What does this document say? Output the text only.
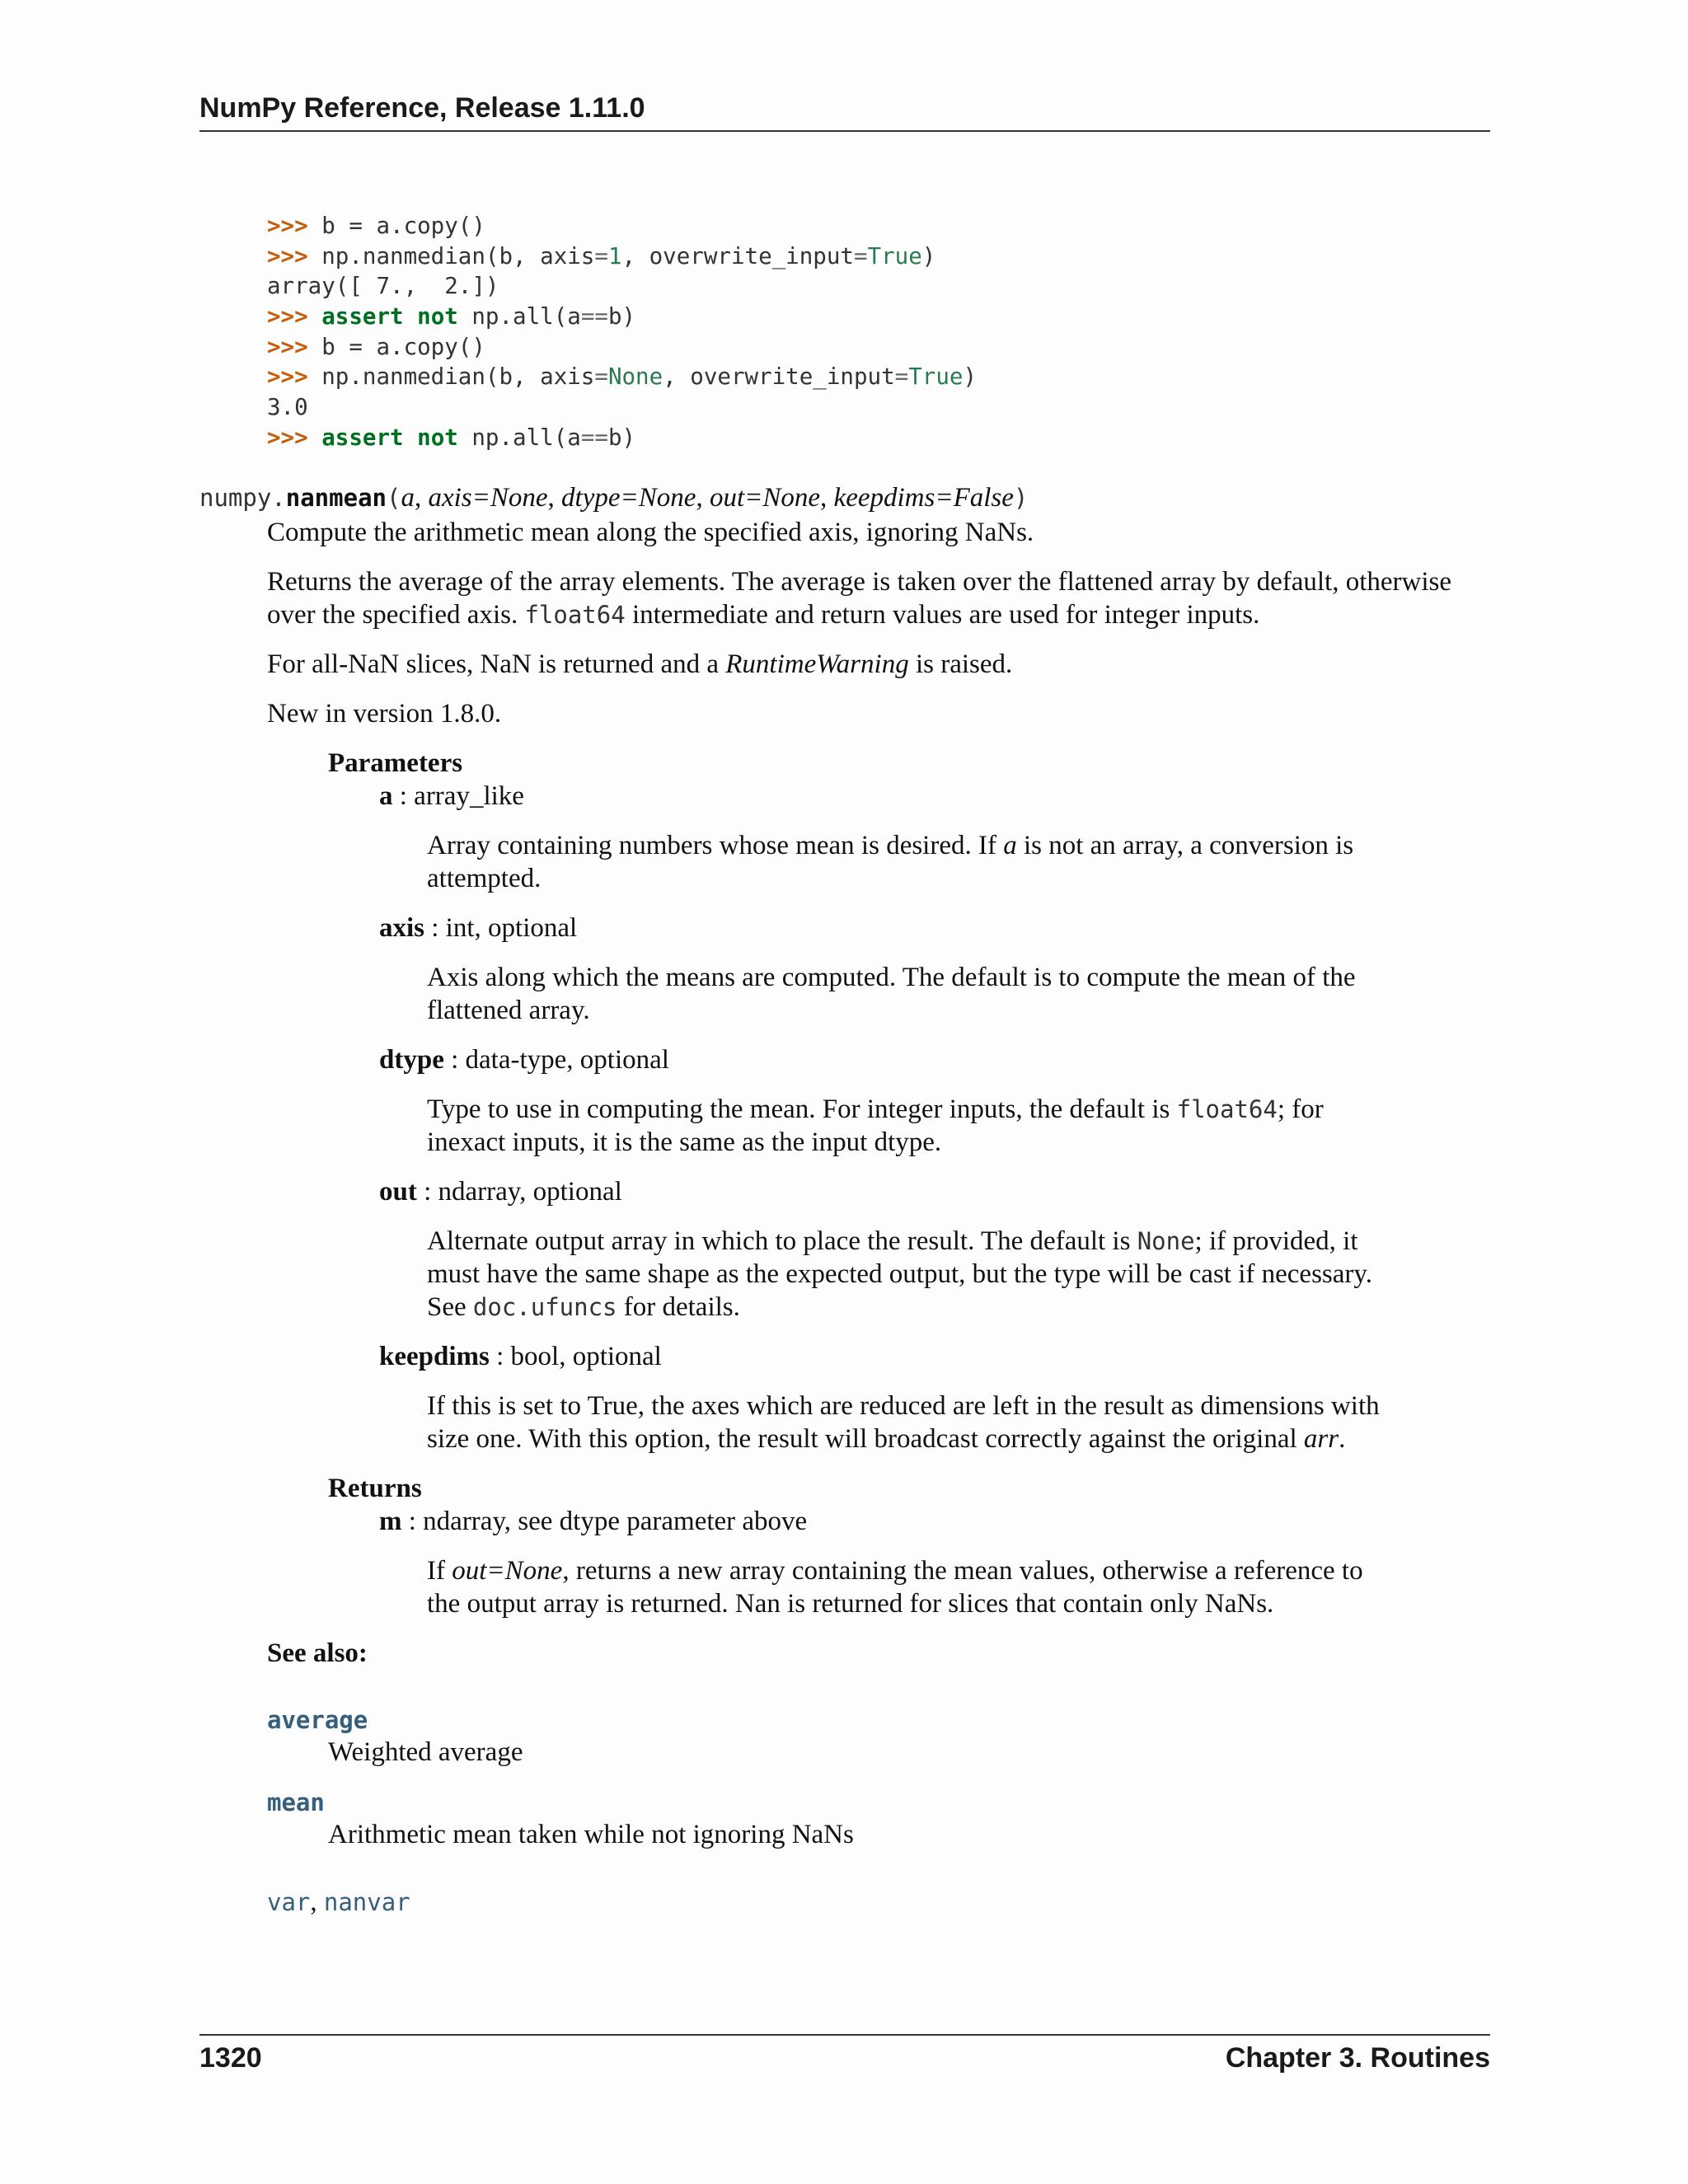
NumPy Reference, Release 1.11.0
>>> b = a.copy()
>>> np.nanmedian(b, axis=1, overwrite_input=True)
array([ 7.,  2.])
>>> assert not np.all(a==b)
>>> b = a.copy()
>>> np.nanmedian(b, axis=None, overwrite_input=True)
3.0
>>> assert not np.all(a==b)
numpy.nanmean(a, axis=None, dtype=None, out=None, keepdims=False)
Compute the arithmetic mean along the specified axis, ignoring NaNs.
Returns the average of the array elements. The average is taken over the flattened array by default, otherwise
over the specified axis. float64 intermediate and return values are used for integer inputs.
For all-NaN slices, NaN is returned and a RuntimeWarning is raised.
New in version 1.8.0.
Parameters
a : array_like
Array containing numbers whose mean is desired. If a is not an array, a conversion is
attempted.
axis : int, optional
Axis along which the means are computed. The default is to compute the mean of the
flattened array.
dtype : data-type, optional
Type to use in computing the mean. For integer inputs, the default is float64; for
inexact inputs, it is the same as the input dtype.
out : ndarray, optional
Alternate output array in which to place the result. The default is None; if provided, it
must have the same shape as the expected output, but the type will be cast if necessary.
See doc.ufuncs for details.
keepdims : bool, optional
If this is set to True, the axes which are reduced are left in the result as dimensions with
size one. With this option, the result will broadcast correctly against the original arr.
Returns
m : ndarray, see dtype parameter above
If out=None, returns a new array containing the mean values, otherwise a reference to
the output array is returned. Nan is returned for slices that contain only NaNs.
See also:
average
Weighted average
mean
Arithmetic mean taken while not ignoring NaNs
var, nanvar
1320	Chapter 3. Routines
